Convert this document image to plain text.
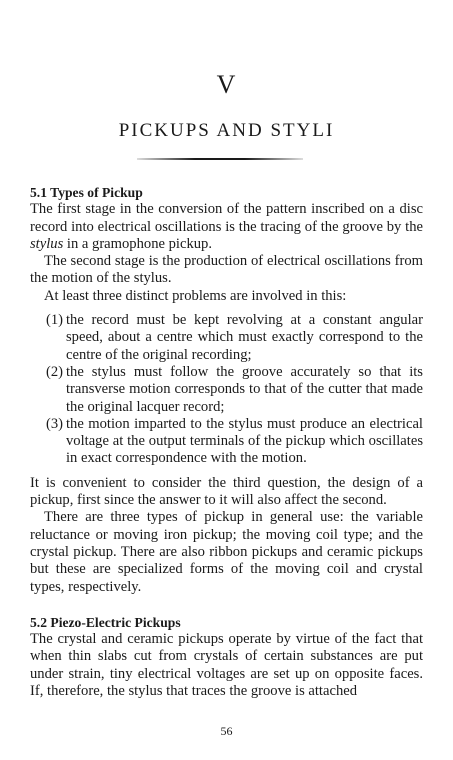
V
PICKUPS AND STYLI

5.1 Types of Pickup

The first stage in the conversion of the pattern inscribed on a disc record into electrical oscillations is the tracing of the groove by the stylus in a gramophone pickup.

The second stage is the production of electrical oscillations from the motion of the stylus.

At least three distinct problems are involved in this:

(1) the record must be kept revolving at a constant angular speed, about a centre which must exactly correspond to the centre of the original recording;
(2) the stylus must follow the groove accurately so that its transverse motion corresponds to that of the cutter that made the original lacquer record;
(3) the motion imparted to the stylus must produce an electrical voltage at the output terminals of the pickup which oscillates in exact correspondence with the motion.

It is convenient to consider the third question, the design of a pickup, first since the answer to it will also affect the second.

There are three types of pickup in general use: the variable reluctance or moving iron pickup; the moving coil type; and the crystal pickup. There are also ribbon pickups and ceramic pickups but these are specialized forms of the moving coil and crystal types, respectively.

5.2 Piezo-Electric Pickups

The crystal and ceramic pickups operate by virtue of the fact that when thin slabs cut from crystals of certain substances are put under strain, tiny electrical voltages are set up on opposite faces. If, therefore, the stylus that traces the groove is attached

56
